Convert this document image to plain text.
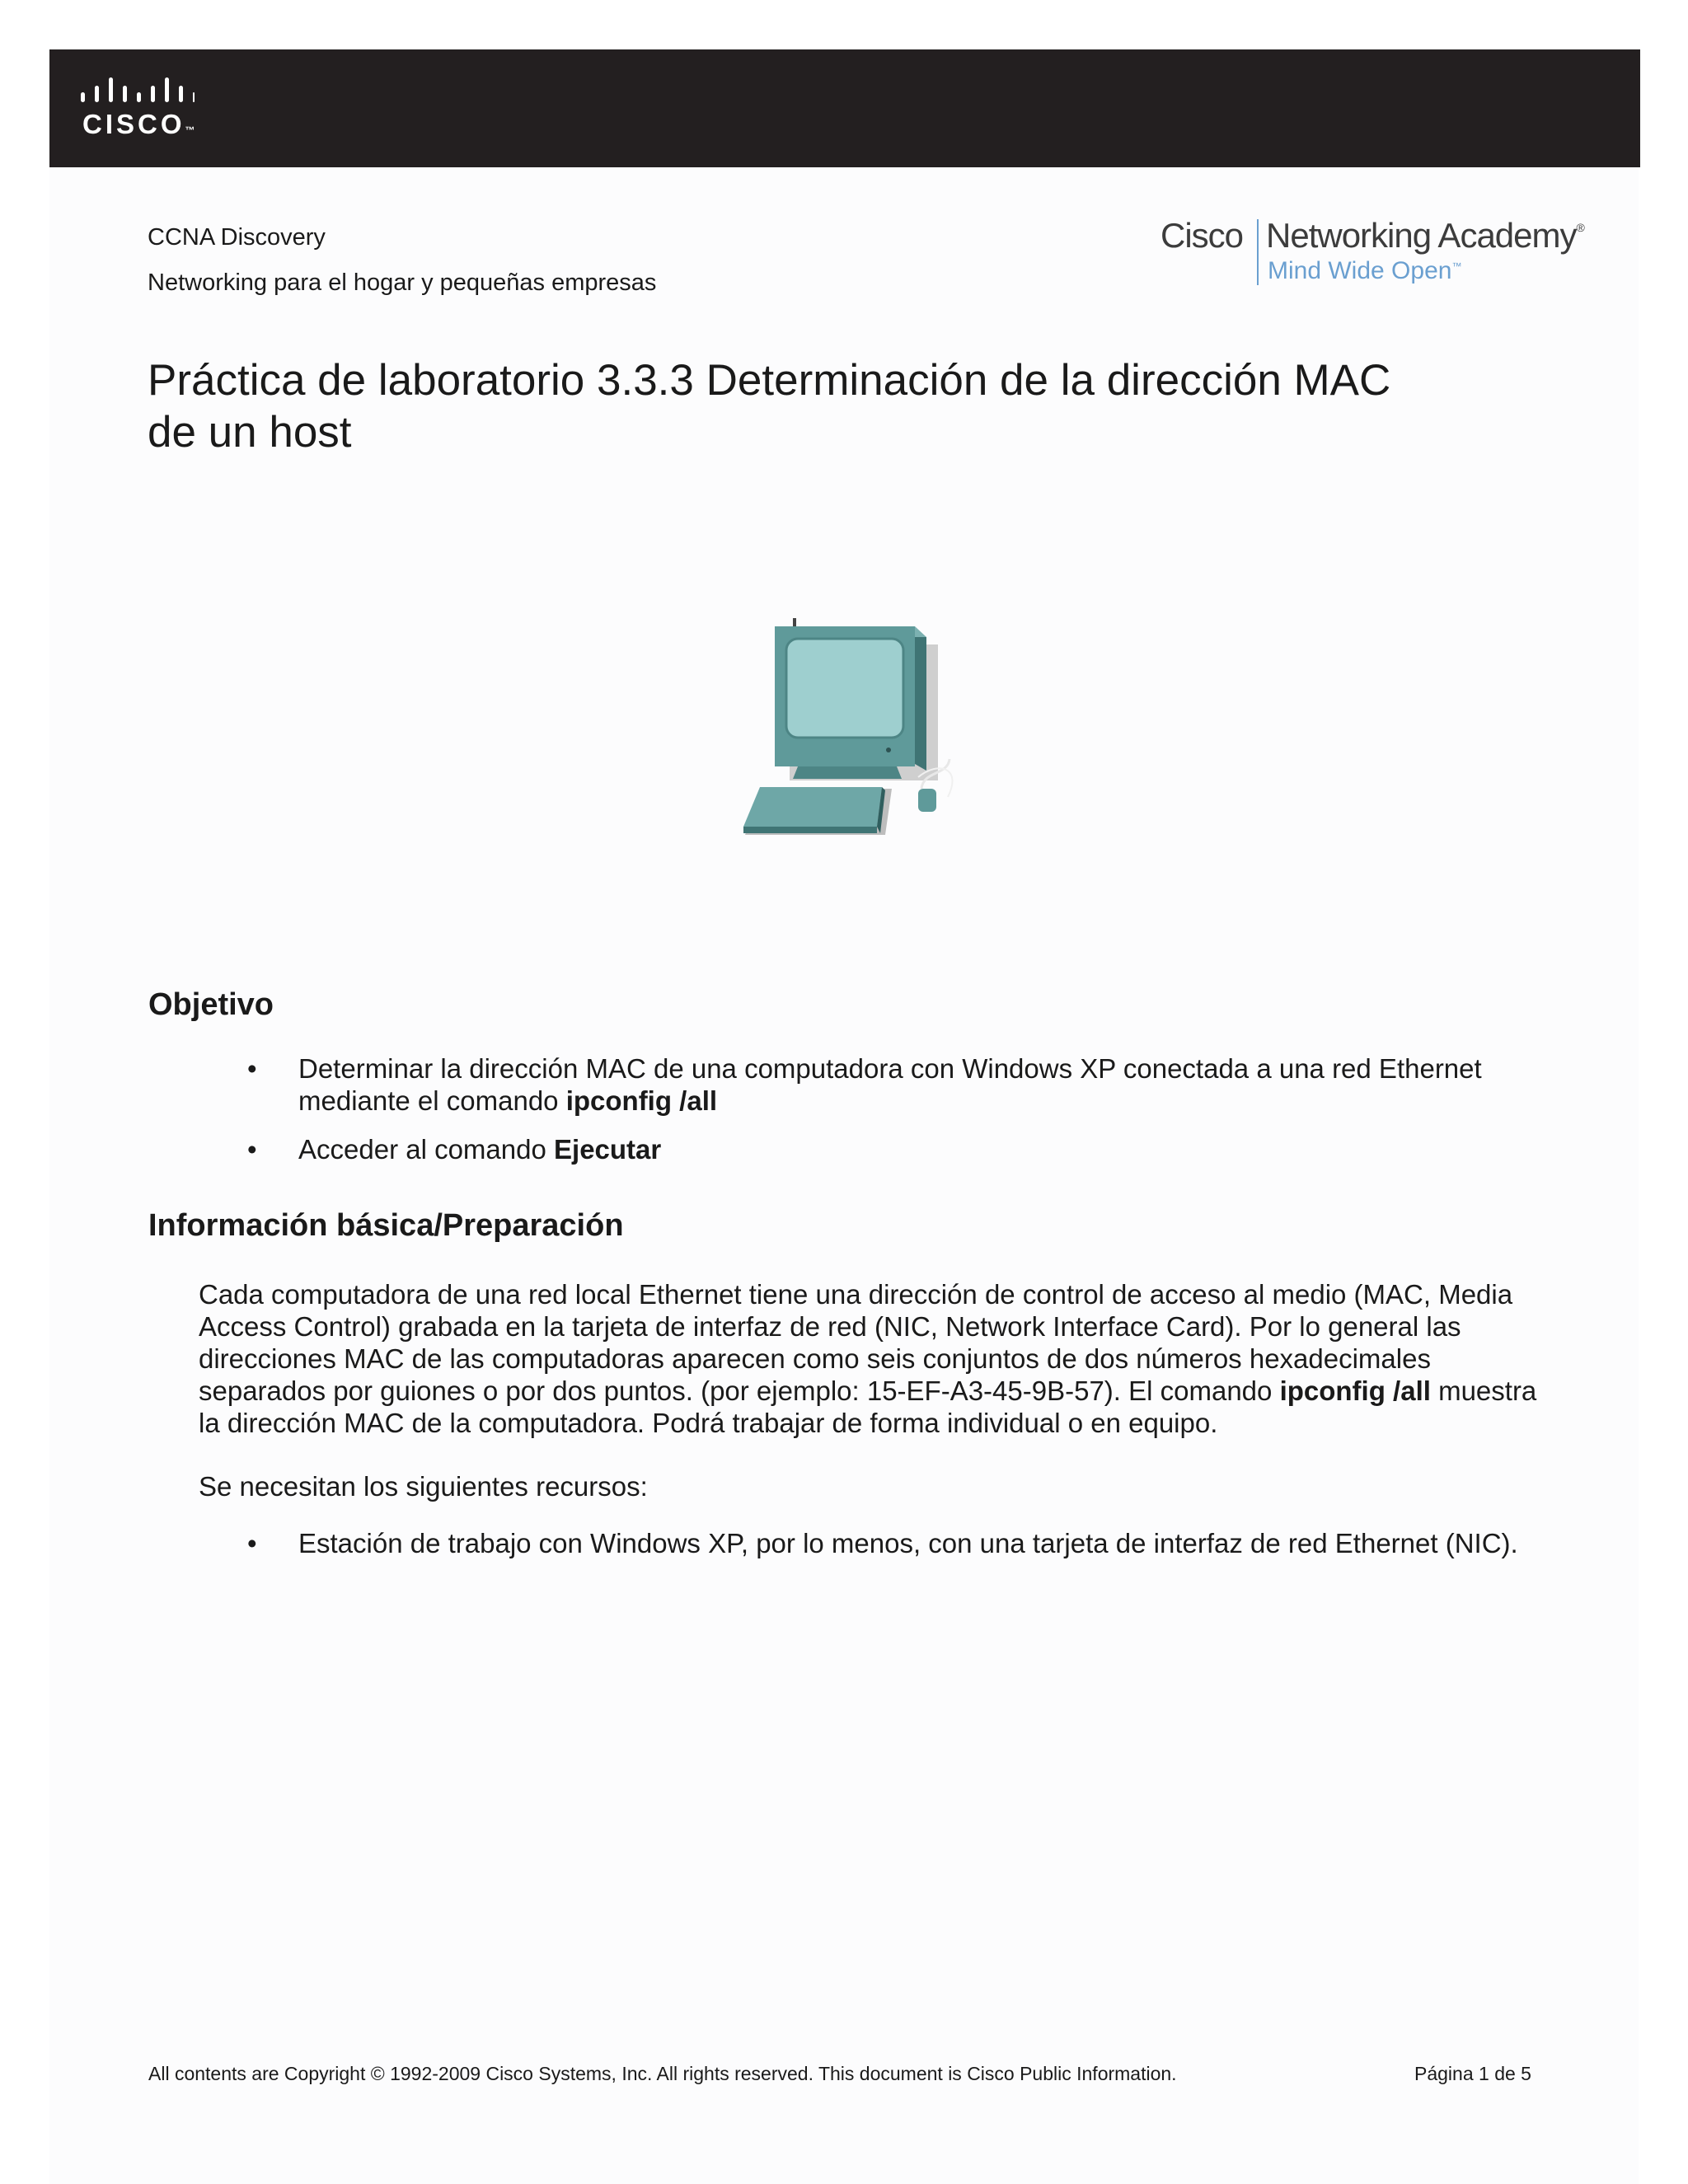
CISCO™
CCNA Discovery
Networking para el hogar y pequeñas empresas
Cisco Networking Academy®
Mind Wide Open™
Práctica de laboratorio 3.3.3 Determinación de la dirección MAC
de un host
Objetivo
• Determinar la dirección MAC de una computadora con Windows XP conectada a una red Ethernet mediante el comando ipconfig /all
• Acceder al comando Ejecutar
Información básica/Preparación

Cada computadora de una red local Ethernet tiene una dirección de control de acceso al medio (MAC, Media Access Control) grabada en la tarjeta de interfaz de red (NIC, Network Interface Card). Por lo general las direcciones MAC de las computadoras aparecen como seis conjuntos de dos números hexadecimales separados por guiones o por dos puntos. (por ejemplo: 15-EF-A3-45-9B-57). El comando ipconfig /all muestra la dirección MAC de la computadora. Podrá trabajar de forma individual o en equipo.

Se necesitan los siguientes recursos:

• Estación de trabajo con Windows XP, por lo menos, con una tarjeta de interfaz de red Ethernet (NIC).
All contents are Copyright © 1992-2009 Cisco Systems, Inc. All rights reserved. This document is Cisco Public Information.	Página 1 de 5
